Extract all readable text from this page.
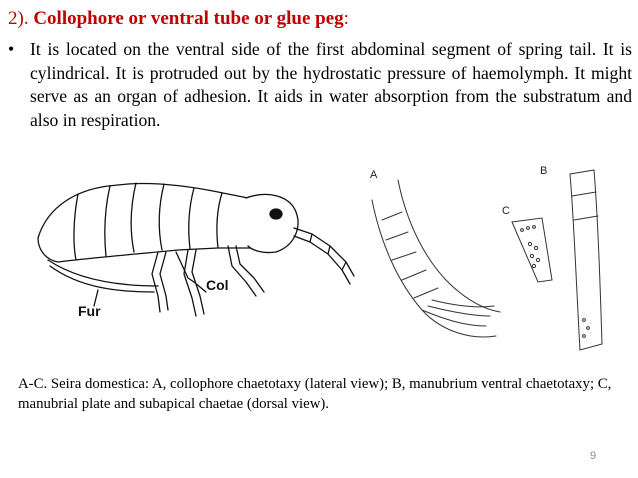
2). Collophore or ventral tube or glue peg:
• It is located on the ventral side of the first abdominal segment of spring tail. It is cylindrical. It is protruded out by the hydrostatic pressure of haemolymph. It might serve as an organ of adhesion. It aids in water absorption from the substratum and also in respiration.
Col
Fur
A	B
C
A-C. Seira domestica: A, collophore chaetotaxy (lateral view); B, manubrium ventral chaetotaxy; C, manubrial plate and subapical chaetae (dorsal view).
9
